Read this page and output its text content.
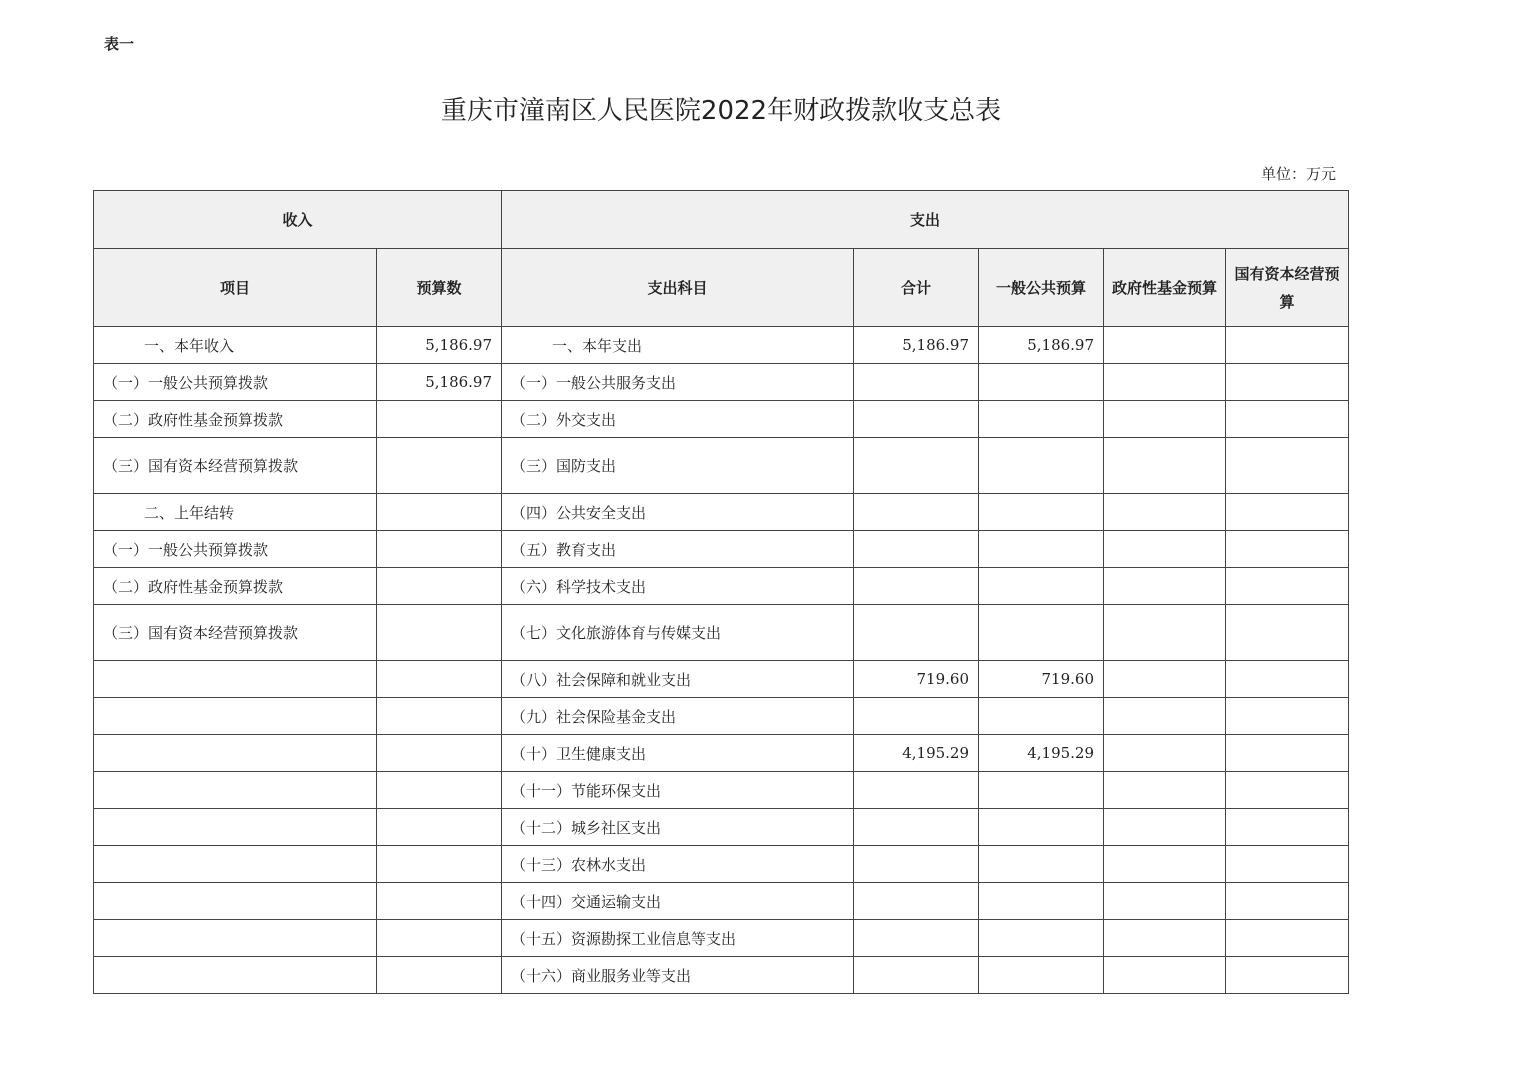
表一
重庆市潼南区人民医院2022年财政拨款收支总表
单位：万元
收入		支出				
项目	预算数	支出科目	合计	一般公共预算	政府性基金预算	国有资本经营预算
一、本年收入	5,186.97	一、本年支出	5,186.97	5,186.97		
（一）一般公共预算拨款	5,186.97	（一）一般公共服务支出				
（二）政府性基金预算拨款		（二）外交支出				
（三）国有资本经营预算拨款		（三）国防支出				
二、上年结转		（四）公共安全支出				
（一）一般公共预算拨款		（五）教育支出				
（二）政府性基金预算拨款		（六）科学技术支出				
（三）国有资本经营预算拨款		（七）文化旅游体育与传媒支出				
		（八）社会保障和就业支出	719.60	719.60		
		（九）社会保险基金支出				
		（十）卫生健康支出	4,195.29	4,195.29		
		（十一）节能环保支出				
		（十二）城乡社区支出				
		（十三）农林水支出				
		（十四）交通运输支出				
		（十五）资源勘探工业信息等支出				
		（十六）商业服务业等支出				
